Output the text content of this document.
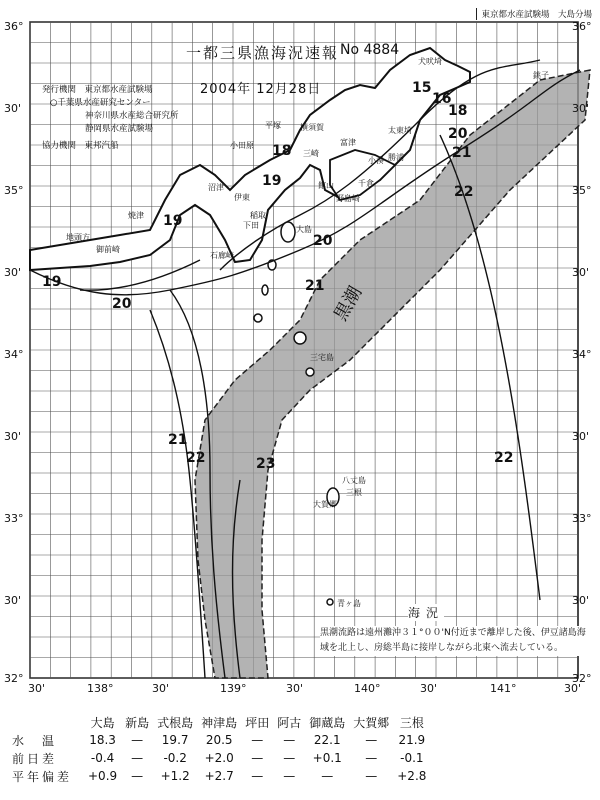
15
16
18
18
19
19
19
20
20
20
21
21
21
22
22	22
23
犬吠埼
太東埼
小湊 勝浦
千倉
野島崎
館山
平塚 横須賀
富津
小田原
三崎
伊東
稲取
下田
沼津
焼津
御前崎
地頭方
石廊崎
大島
三宅島
八丈島
三根
大賀郷
青ヶ島
銚子
黒潮
東京都水産試験場　大島分場
一都三県漁海況速報 No 4884
2004年 12月28日
発行機関　東京都水産試験場
○千葉県水産研究センター
神奈川県水産総合研究所
静岡県水産試験場
協力機関　東邦汽船
36°
30'
35°
30'
34°
30'
33°
30'
32°
36°
30'
35°
30'
34°
30'
33°
30'
32°
30'	138°	30'	139°	30'	140°	30'	141°	30'
海況
黒潮流路は遠州灘沖３１°００'N付近まで離岸した後、伊豆諸島海域を北上し、房総半島に接岸しながら北東へ流去している。
	大島	新島	式根島	神津島	坪田	阿古	御蔵島	大賀郷	三根
水　温	18.3	—	19.7	20.5	—	—	22.1	—	21.9
前日差	-0.4	—	-0.2	+2.0	—	—	+0.1	—	-0.1
平年偏差	+0.9	—	+1.2	+2.7	—	—	—	—	+2.8
